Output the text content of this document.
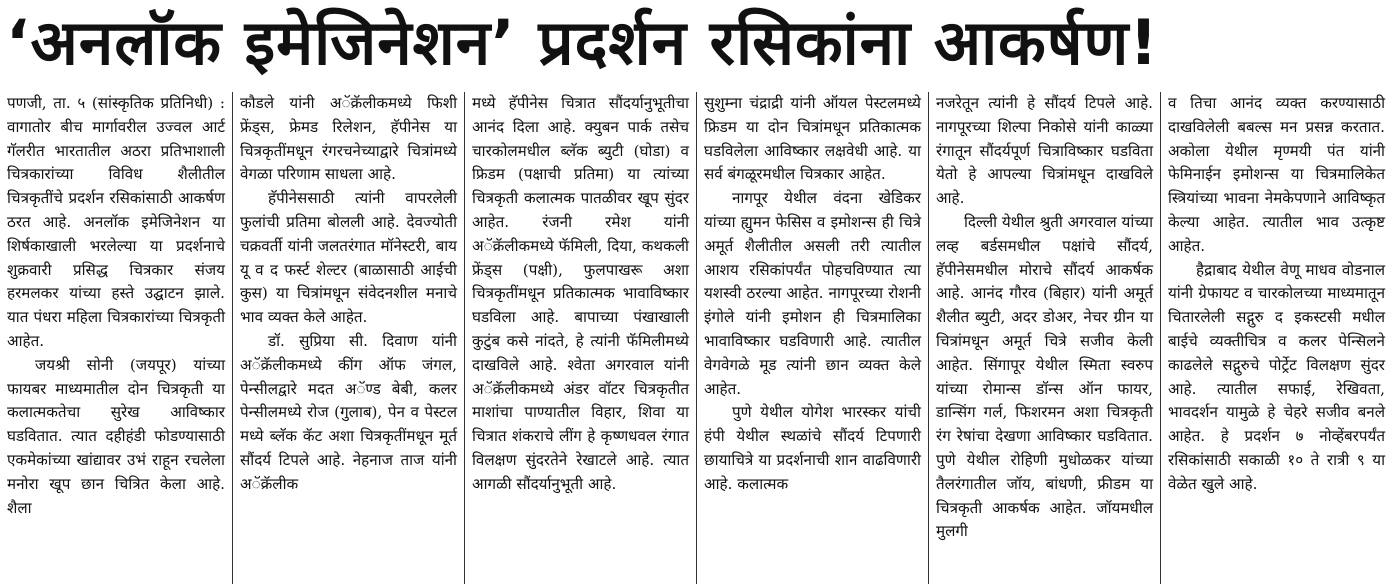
‘अनलॉक इमेजिनेशन’ प्रदर्शन रसिकांना आकर्षण!

पणजी, ता. ५ (सांस्कृतिक प्रतिनिधी) : वागातोर बीच मार्गावरील उज्वल आर्ट गॅलरीत भारतातील अठरा प्रतिभाशाली चित्रकारांच्या विविध शैलीतील चित्रकृतींचे प्रदर्शन रसिकांसाठी आकर्षण ठरत आहे. अनलॉक इमेजिनेशन या शिर्षकाखाली भरलेल्या या प्रदर्शनाचे शुक्रवारी प्रसिद्ध चित्रकार संजय हरमलकर यांच्या हस्ते उद्घाटन झाले. यात पंधरा महिला चित्रकारांच्या चित्रकृती आहेत.

जयश्री सोनी (जयपूर) यांच्या फायबर माध्यमातील दोन चित्रकृती या कलात्मकतेचा सुरेख आविष्कार घडवितात. त्यात दहीहंडी फोडण्यासाठी एकमेकांच्या खांद्यावर उभं राहून रचलेला मनोरा खूप छान चित्रित केला आहे. शैला

कौडले यांनी अॅक्रॅलीकमध्ये फिशी फ्रेंड्स, फ्रेमड रिलेशन, हॅपीनेस या चित्रकृतींमधून रंगरचनेच्याद्वारे चित्रांमध्ये वेगळा परिणाम साधला आहे.

हॅपीनेससाठी त्यांनी वापरलेली फुलांची प्रतिमा बोलली आहे. देवज्योती चक्रवर्ती यांनी जलतरंगात मॉनेस्टरी, बाय यू व द फर्स्ट शेल्टर (बाळासाठी आईची कुस) या चित्रांमधून संवेदनशील मनाचे भाव व्यक्त केले आहेत.

डॉ. सुप्रिया सी. दिवाण यांनी अॅक्रॅलीकमध्ये कींग ऑफ जंगल, पेन्सीलद्वारे मदत अॅण्ड बेबी, कलर पेन्सीलमध्ये रोज (गुलाब), पेन व पेस्टल मध्ये ब्लॅक कॅट अशा चित्रकृतींमधून मूर्त सौंदर्य टिपले आहे. नेहनाज ताज यांनी अॅक्रॅलीक

मध्ये हॅपीनेस चित्रात सौंदर्यानुभूतीचा आनंद दिला आहे. क्युबन पार्क तसेच चारकोलमधील ब्लॅक ब्युटी (घोडा) व फ्रिडम (पक्षाची प्रतिमा) या त्यांच्या चित्रकृती कलात्मक पातळीवर खूप सुंदर आहेत. रंजनी रमेश यांनी अॅक्रॅलीकमध्ये फॅमिली, दिया, कथकली फ्रेंड्स (पक्षी), फुलपाखरू अशा चित्रकृतींमधून प्रतिकात्मक भावाविष्कार घडविला आहे. बापाच्या पंखाखाली कुटुंब कसे नांदते, हे त्यांनी फॅमिलीमध्ये दाखविले आहे. श्वेता अगरवाल यांनी अॅक्रॅलीकमध्ये अंडर वॉटर चित्रकृतीत माशांचा पाण्यातील विहार, शिवा या चित्रात शंकराचे लींग हे कृष्णधवल रंगात विलक्षण सुंदरतेने रेखाटले आहे. त्यात आगळी सौंदर्यानुभूती आहे.

सुशुम्ना चंद्राद्री यांनी ऑयल पेस्टलमध्ये फ्रिडम या दोन चित्रांमधून प्रतिकात्मक घडविलेला आविष्कार लक्षवेधी आहे. या सर्व बंगळूरमधील चित्रकार आहेत.

नागपूर येथील वंदना खेडिकर यांच्या ह्युमन फेसिस व इमोशन्स ही चित्रे अमूर्त शैलीतील असली तरी त्यातील आशय रसिकांपर्यंत पोहचविण्यात त्या यशस्वी ठरल्या आहेत. नागपूरच्या रोशनी इंगोले यांनी इमोशन ही चित्रमालिका भावाविष्कार घडविणारी आहे. त्यातील वेगवेगळे मूड त्यांनी छान व्यक्त केले आहेत.

पुणे येथील योगेश भारस्कर यांची हंपी येथील स्थळांचे सौंदर्य टिपणारी छायाचित्रे या प्रदर्शनाची शान वाढविणारी आहे. कलात्मक

नजरेतून त्यांनी हे सौंदर्य टिपले आहे. नागपूरच्या शिल्पा निकोसे यांनी काळ्या रंगातून सौंदर्यपूर्ण चित्राविष्कार घडविता येतो हे आपल्या चित्रांमधून दाखविले आहे.

दिल्ली येथील श्रुती अगरवाल यांच्या लव्ह बर्डसमधील पक्षांचे सौंदर्य, हॅपीनेसमधील मोराचे सौंदर्य आकर्षक आहे. आनंद गौरव (बिहार) यांनी अमूर्त शैलीत ब्युटी, अदर डोअर, नेचर ग्रीन या चित्रांमधून अमूर्त चित्रे सजीव केली आहेत. सिंगापूर येथील स्मिता स्वरुप यांच्या रोमान्स डॉन्स ऑन फायर, डान्सिंग गर्ल, फिशरमन अशा चित्रकृती रंग रेषांचा देखणा आविष्कार घडवितात. पुणे येथील रोहिणी मुधोळकर यांच्या तैलरंगातील जॉय, बांधणी, फ्रीडम या चित्रकृती आकर्षक आहेत. जॉयमधील मुलगी

व तिचा आनंद व्यक्त करण्यासाठी दाखविलेली बबल्स मन प्रसन्न करतात. अकोला येथील मृण्मयी पंत यांनी फेमिनाईन इमोशन्स या चित्रमालिकेत स्त्रियांच्या भावना नेमकेपणाने आविष्कृत केल्या आहेत. त्यातील भाव उत्कृष्ट आहेत.

हैद्राबाद येथील वेणू माधव वोडनाल यांनी ग्रेफायट व चारकोलच्या माध्यमातून चितारलेली सद्गुरु द इकस्टसी मधील बाईचे व्यक्तीचित्र व कलर पेन्सिलने काढलेले सद्गुरुचे पोर्ट्रेट विलक्षण सुंदर आहे. त्यातील सफाई, रेखिवता, भावदर्शन यामुळे हे चेहरे सजीव बनले आहेत. हे प्रदर्शन ७ नोव्हेंबरपर्यंत रसिकांसाठी सकाळी १० ते रात्री ९ या वेळेत खुले आहे.
